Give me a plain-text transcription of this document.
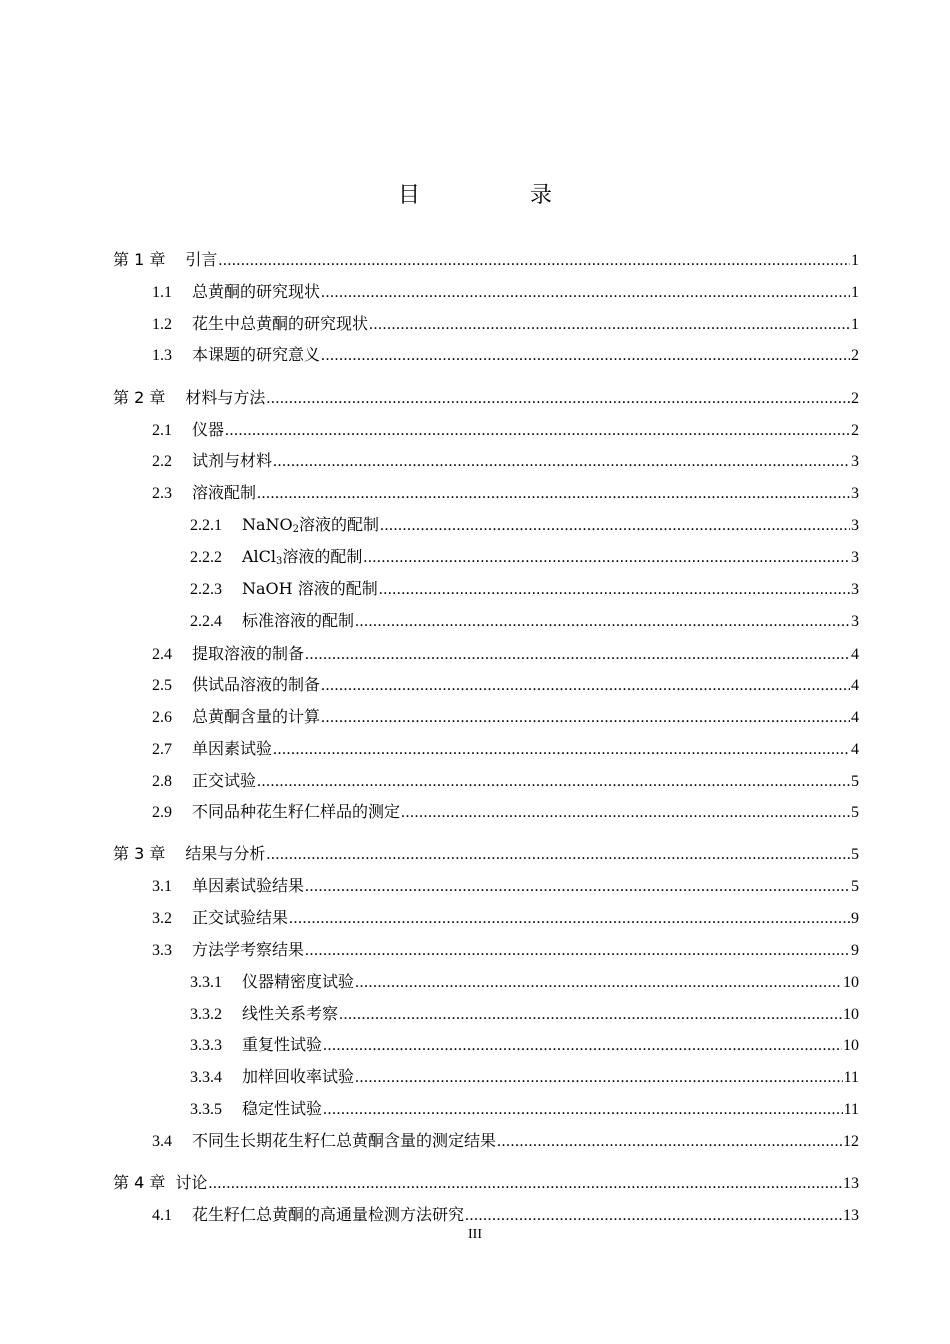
目　录
第 1 章 引言 .....	1
1.1 总黄酮的研究现状 .....	1
1.2 花生中总黄酮的研究现状 .....	1
1.3 本课题的研究意义 .....	2
第 2 章 材料与方法 .....	2
2.1 仪器 .....	2
2.2 试剂与材料 .....	3
2.3 溶液配制 .....	3
2.2.1 NaNO$_2$溶液的配制 .....	3
2.2.2 AlCl$_3$溶液的配制 .....	3
2.2.3 NaOH 溶液的配制 .....	3
2.2.4 标准溶液的配制 .....	3
2.4 提取溶液的制备 .....	4
2.5 供试品溶液的制备 .....	4
2.6 总黄酮含量的计算 .....	4
2.7 单因素试验 .....	4
2.8 正交试验 .....	5
2.9 不同品种花生籽仁样品的测定 .....	5
第 3 章 结果与分析 .....	5
3.1 单因素试验结果 .....	5
3.2 正交试验结果 .....	9
3.3 方法学考察结果 .....	9
3.3.1 仪器精密度试验 .....	10
3.3.2 线性关系考察 .....	10
3.3.3 重复性试验 .....	10
3.3.4 加样回收率试验 .....	11
3.3.5 稳定性试验 .....	11
3.4 不同生长期花生籽仁总黄酮含量的测定结果 .....	12
第 4 章 讨论 .....	13
4.1 花生籽仁总黄酮的高通量检测方法研究 .....	13
III
